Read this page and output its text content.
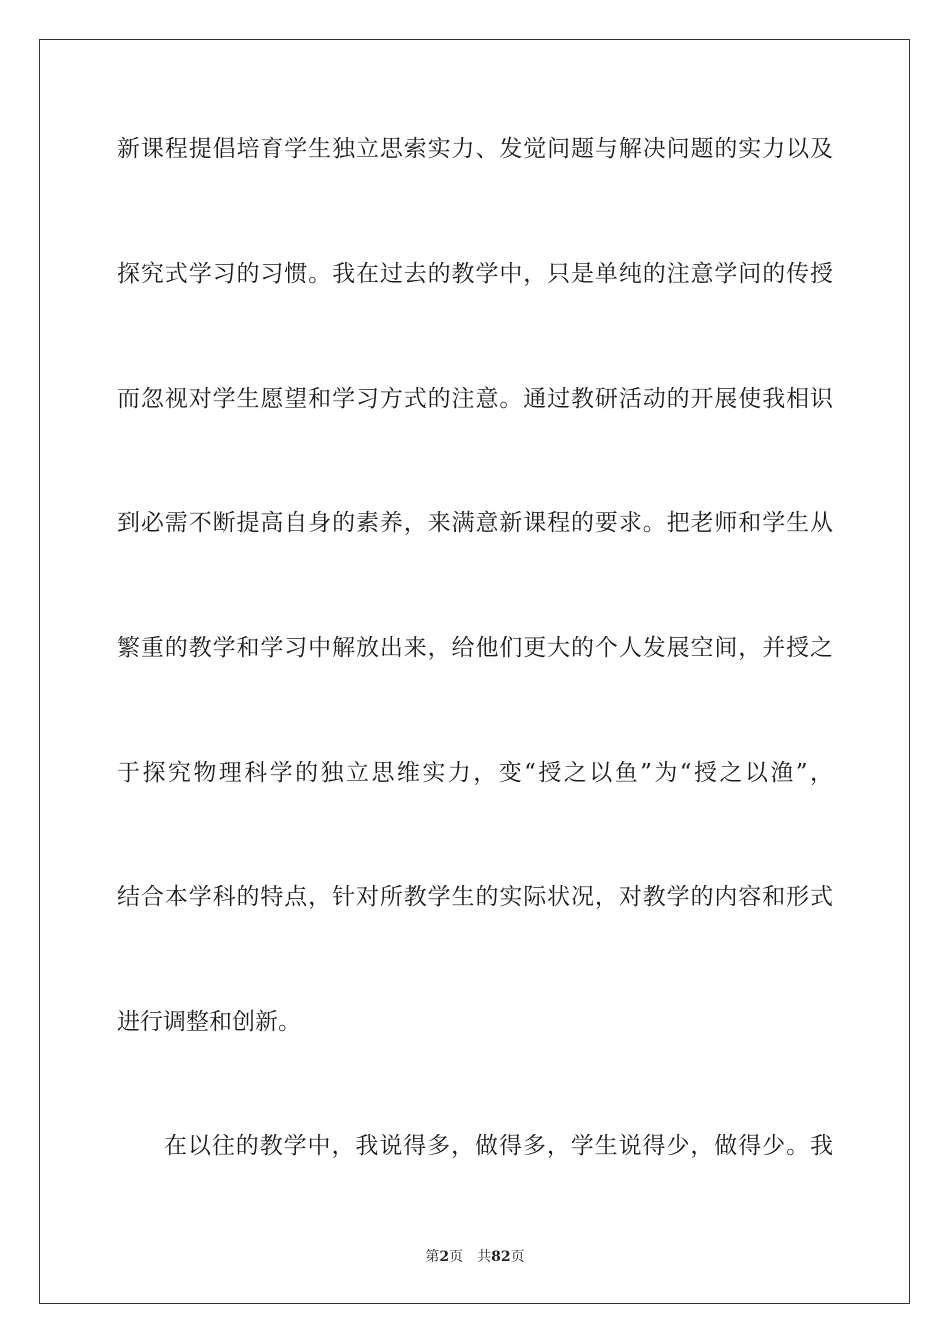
新课程提倡培育学生独立思索实力、发觉问题与解决问题的实力以及
探究式学习的习惯。我在过去的教学中，只是单纯的注意学问的传授
而忽视对学生愿望和学习方式的注意。通过教研活动的开展使我相识
到必需不断提高自身的素养，来满意新课程的要求。把老师和学生从
繁重的教学和学习中解放出来，给他们更大的个人发展空间，并授之
于探究物理科学的独立思维实力，变“授之以鱼”为“授之以渔”，
结合本学科的特点，针对所教学生的实际状况，对教学的内容和形式
进行调整和创新。
在以往的教学中，我说得多，做得多，学生说得少，做得少。我
第2页 共82页
